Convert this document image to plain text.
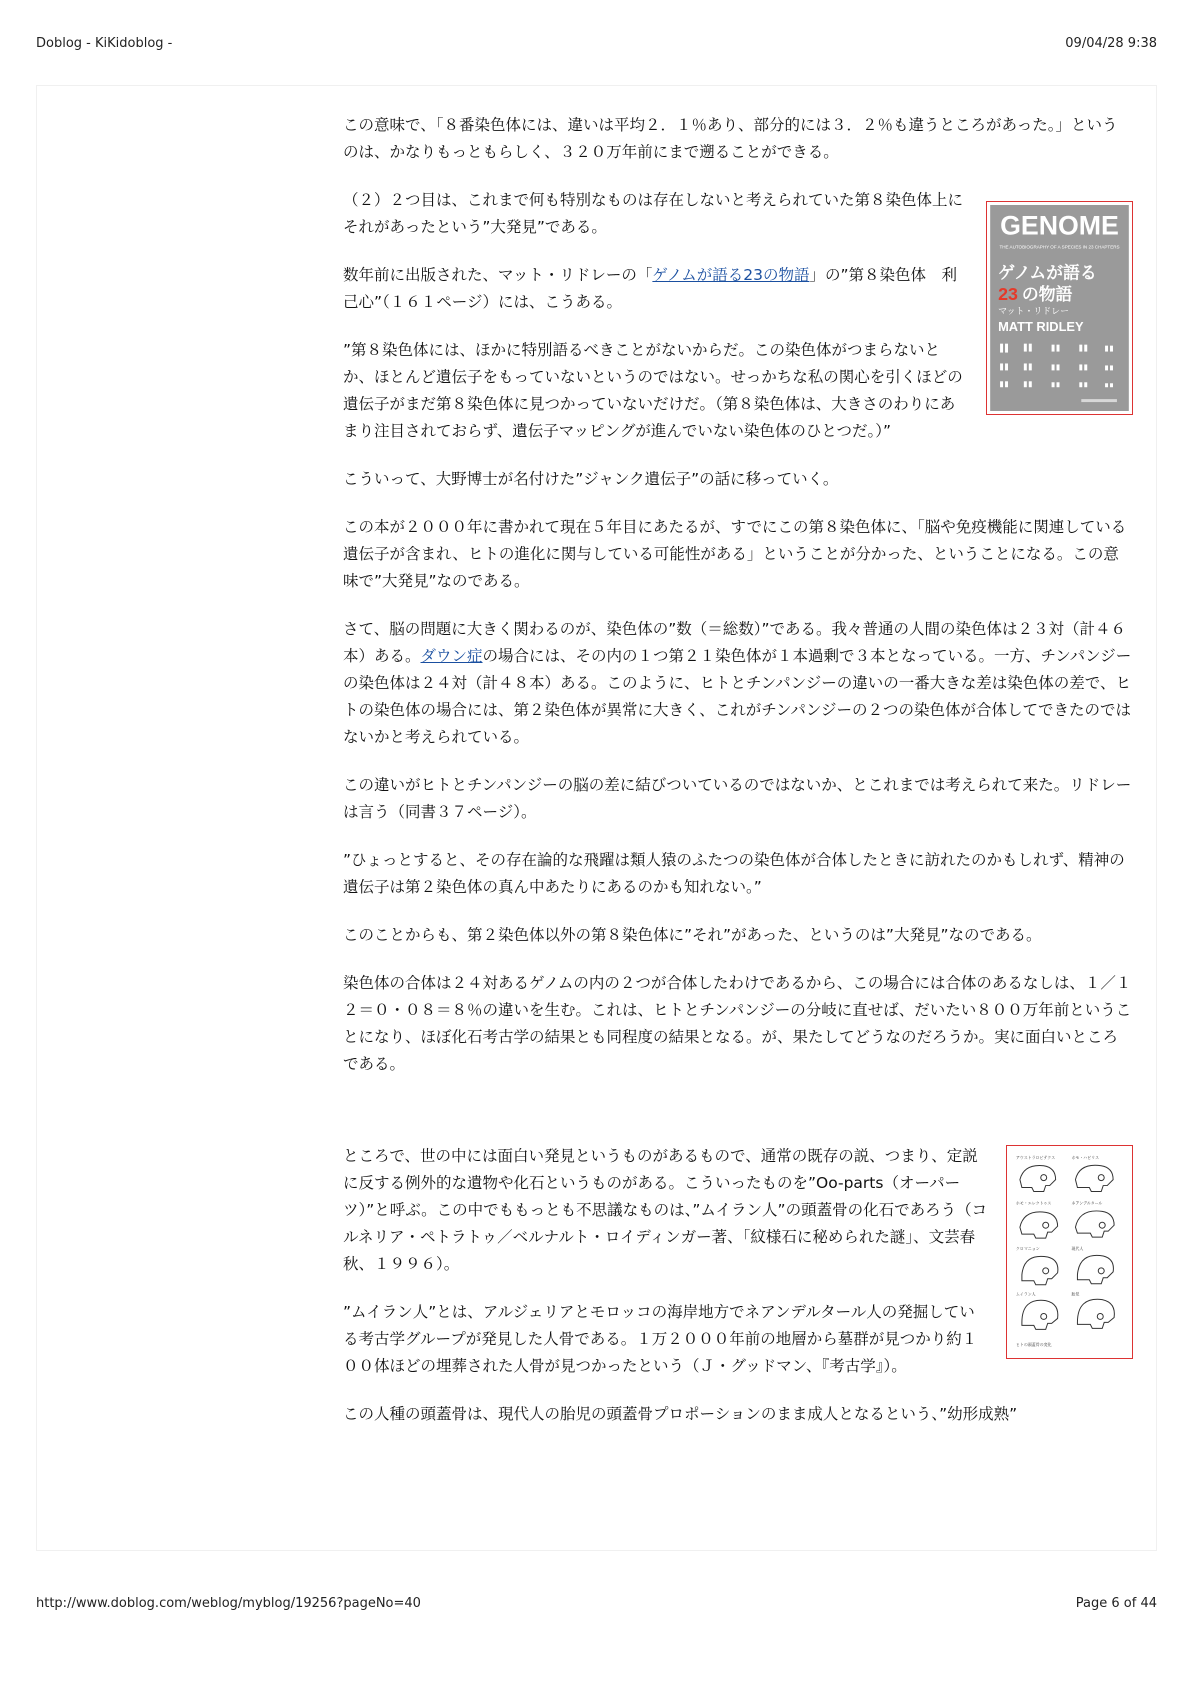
Doblog - KiKidoblog -	09/04/28 9:38

この意味で、「８番染色体には、違いは平均２．１％あり、部分的には３．２％も違うところがあった。」というのは、かなりもっともらしく、３２０万年前にまで遡ることができる。

GENOME
THE AUTOBIOGRAPHY OF A SPECIES IN 23 CHAPTERS
ゲノムが語る
23 の物語
マット・リドレー
MATT RIDLEY

（２）２つ目は、これまで何も特別なものは存在しないと考えられていた第８染色体上にそれがあったという”大発見”である。

数年前に出版された、マット・リドレーの「ゲノムが語る23の物語」の”第８染色体　利己心”（１６１ページ）には、こうある。

”第８染色体には、ほかに特別語るべきことがないからだ。この染色体がつまらないとか、ほとんど遺伝子をもっていないというのではない。せっかちな私の関心を引くほどの遺伝子がまだ第８染色体に見つかっていないだけだ。（第８染色体は、大きさのわりにあまり注目されておらず、遺伝子マッピングが進んでいない染色体のひとつだ。）”

こういって、大野博士が名付けた”ジャンク遺伝子”の話に移っていく。

この本が２０００年に書かれて現在５年目にあたるが、すでにこの第８染色体に、「脳や免疫機能に関連している遺伝子が含まれ、ヒトの進化に関与している可能性がある」ということが分かった、ということになる。この意味で”大発見”なのである。

さて、脳の問題に大きく関わるのが、染色体の”数（＝総数）”である。我々普通の人間の染色体は２３対（計４６本）ある。ダウン症の場合には、その内の１つ第２１染色体が１本過剰で３本となっている。一方、チンパンジーの染色体は２４対（計４８本）ある。このように、ヒトとチンパンジーの違いの一番大きな差は染色体の差で、ヒトの染色体の場合には、第２染色体が異常に大きく、これがチンパンジーの２つの染色体が合体してできたのではないかと考えられている。

この違いがヒトとチンパンジーの脳の差に結びついているのではないか、とこれまでは考えられて来た。リドレーは言う（同書３７ページ）。

”ひょっとすると、その存在論的な飛躍は類人猿のふたつの染色体が合体したときに訪れたのかもしれず、精神の遺伝子は第２染色体の真ん中あたりにあるのかも知れない。”

このことからも、第２染色体以外の第８染色体に”それ”があった、というのは”大発見”なのである。

染色体の合体は２４対あるゲノムの内の２つが合体したわけであるから、この場合には合体のあるなしは、１／１２＝０・０８＝８％の違いを生む。これは、ヒトとチンパンジーの分岐に直せば、だいたい８００万年前ということになり、ほぼ化石考古学の結果とも同程度の結果となる。が、果たしてどうなのだろうか。実に面白いところである。

アウストラロピテクス	ホモ・ハビリス
ホモ・エレクトゥス	ネアンデルタール
クロマニョン	現代人
ムイラン人	胎児
ヒトの頭蓋骨の変化

ところで、世の中には面白い発見というものがあるもので、通常の既存の説、つまり、定説に反する例外的な遺物や化石というものがある。こういったものを”Oo-parts（オーパーツ）”と呼ぶ。この中でももっとも不思議なものは、”ムイラン人”の頭蓋骨の化石であろう（コルネリア・ペトラトゥ／ベルナルト・ロイディンガー著、「紋様石に秘められた謎」、文芸春秋、１９９６）。

”ムイラン人”とは、アルジェリアとモロッコの海岸地方でネアンデルタール人の発掘している考古学グループが発見した人骨である。１万２０００年前の地層から墓群が見つかり約１００体ほどの埋葬された人骨が見つかったという（Ｊ・グッドマン、『考古学』）。

この人種の頭蓋骨は、現代人の胎児の頭蓋骨プロポーションのまま成人となるという、”幼形成熟”

http://www.doblog.com/weblog/myblog/19256?pageNo=40	Page 6 of 44
